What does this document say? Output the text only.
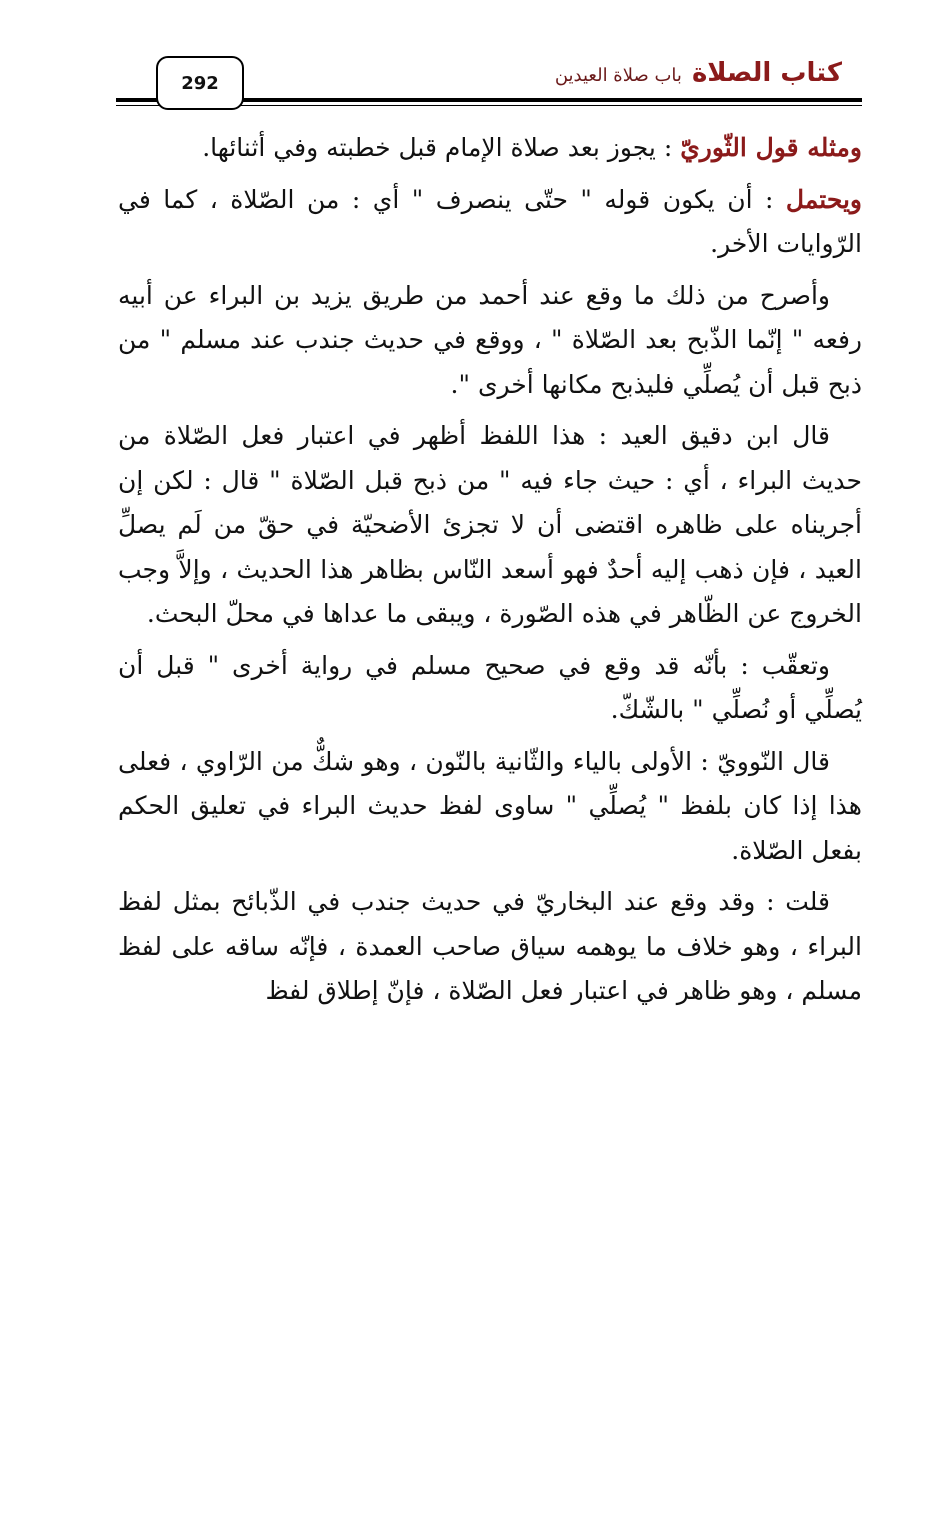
كتاب الصلاة
باب صلاة العيدين
292

ومثله قول الثّوريّ : يجوز بعد صلاة الإمام قبل خطبته وفي أثنائها.

ويحتمل : أن يكون قوله " حتّى ينصرف " أي : من الصّلاة ، كما في الرّوايات الأخر.

وأصرح من ذلك ما وقع عند أحمد من طريق يزيد بن البراء عن أبيه رفعه " إنّما الذّبح بعد الصّلاة " ، ووقع في حديث جندب عند مسلم " من ذبح قبل أن يُصلِّي فليذبح مكانها أخرى ".

قال ابن دقيق العيد : هذا اللفظ أظهر في اعتبار فعل الصّلاة من حديث البراء ، أي : حيث جاء فيه " من ذبح قبل الصّلاة " قال : لكن إن أجريناه على ظاهره اقتضى أن لا تجزئ الأضحيّة في حقّ من لَم يصلِّ العيد ، فإن ذهب إليه أحدٌ فهو أسعد النّاس بظاهر هذا الحديث ، وإلاَّ وجب الخروج عن الظّاهر في هذه الصّورة ، ويبقى ما عداها في محلّ البحث.

وتعقّب : بأنّه قد وقع في صحيح مسلم في رواية أخرى " قبل أن يُصلِّي أو نُصلِّي " بالشّكّ.

قال النّوويّ : الأولى بالياء والثّانية بالنّون ، وهو شكٌّ من الرّاوي ، فعلى هذا إذا كان بلفظ " يُصلِّي " ساوى لفظ حديث البراء في تعليق الحكم بفعل الصّلاة.

قلت : وقد وقع عند البخاريّ في حديث جندب في الذّبائح بمثل لفظ البراء ، وهو خلاف ما يوهمه سياق صاحب العمدة ، فإنّه ساقه على لفظ مسلم ، وهو ظاهر في اعتبار فعل الصّلاة ، فإنّ إطلاق لفظ
